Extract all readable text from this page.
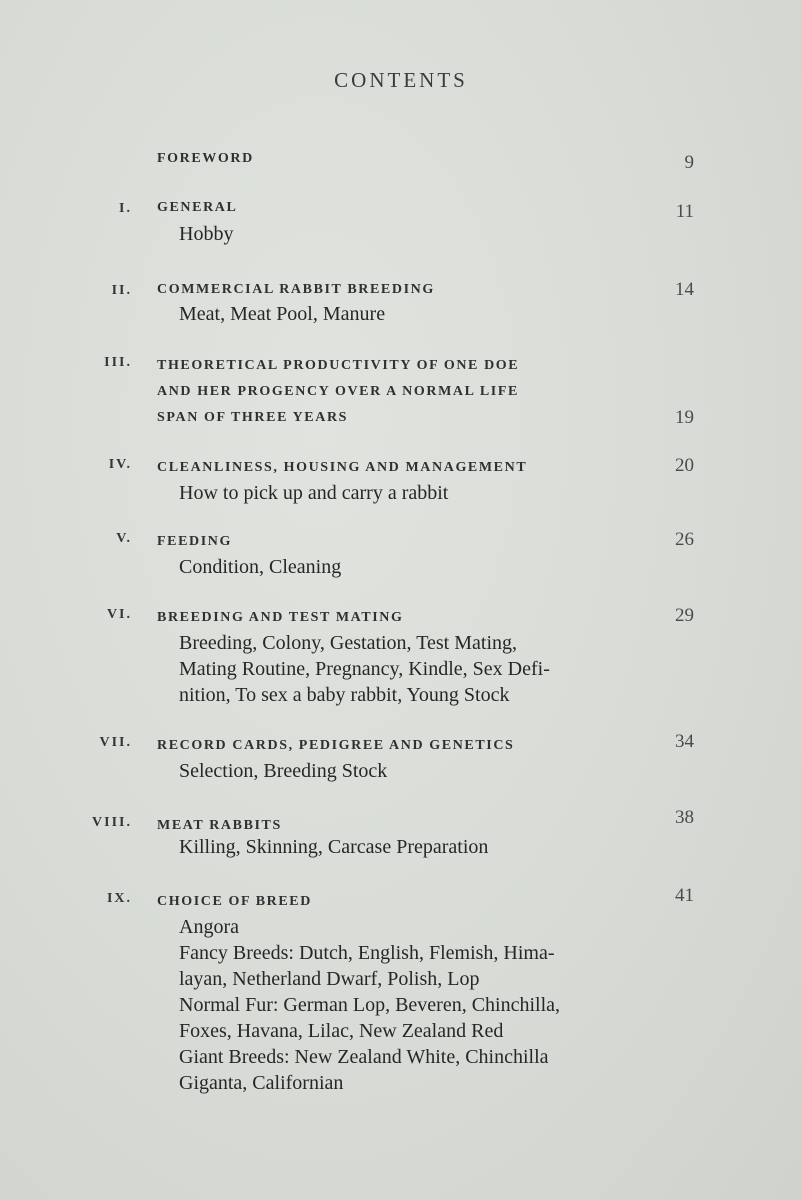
CONTENTS
FOREWORD	9
I. GENERAL
Hobby
11
II. COMMERCIAL RABBIT BREEDING
Meat, Meat Pool, Manure
14
III. THEORETICAL PRODUCTIVITY OF ONE DOE
AND HER PROGENCY OVER A NORMAL LIFE
SPAN OF THREE YEARS	19
IV. CLEANLINESS, HOUSING AND MANAGEMENT
How to pick up and carry a rabbit
20
V. FEEDING
Condition, Cleaning
26
VI. BREEDING AND TEST MATING
Breeding, Colony, Gestation, Test Mating,
Mating Routine, Pregnancy, Kindle, Sex Defi-
nition, To sex a baby rabbit, Young Stock
29
VII. RECORD CARDS, PEDIGREE AND GENETICS
Selection, Breeding Stock
34
VIII. MEAT RABBITS
Killing, Skinning, Carcase Preparation
38
IX. CHOICE OF BREED
Angora
Fancy Breeds: Dutch, English, Flemish, Hima-
layan, Netherland Dwarf, Polish, Lop
Normal Fur: German Lop, Beveren, Chinchilla,
Foxes, Havana, Lilac, New Zealand Red
Giant Breeds: New Zealand White, Chinchilla
Giganta, Californian
41
